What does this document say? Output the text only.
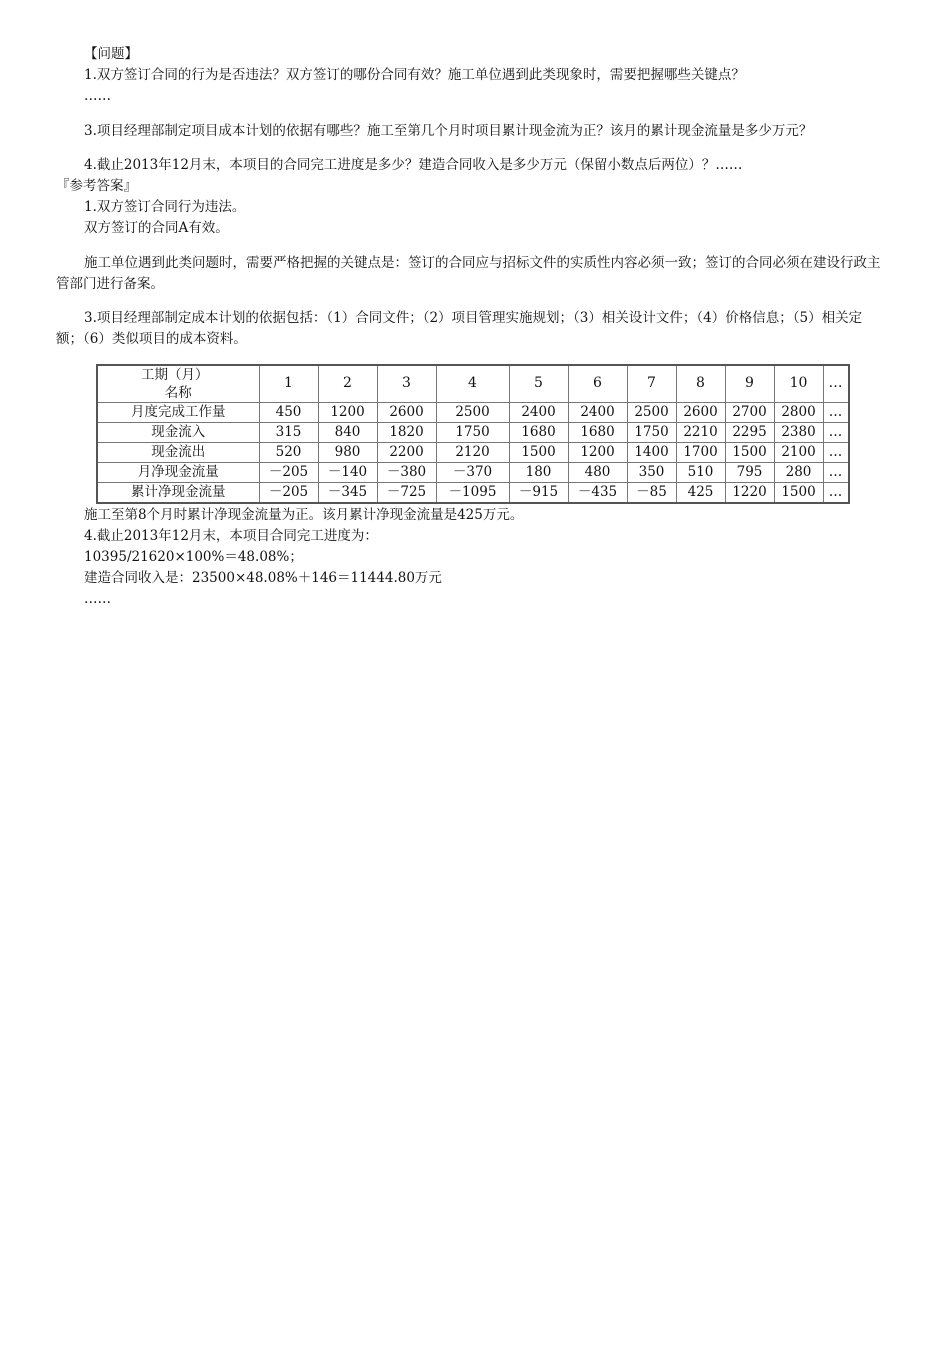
【问题】

1.双方签订合同的行为是否违法？双方签订的哪份合同有效？施工单位遇到此类现象时，需要把握哪些关键点？

……

3.项目经理部制定项目成本计划的依据有哪些？施工至第几个月时项目累计现金流为正？该月的累计现金流量是多少万元？

4.截止2013年12月末，本项目的合同完工进度是多少？建造合同收入是多少万元（保留小数点后两位）？……

『参考答案』

1.双方签订合同行为违法。

双方签订的合同A有效。

施工单位遇到此类问题时，需要严格把握的关键点是：签订的合同应与招标文件的实质性内容必须一致；签订的合同必须在建设行政主管部门进行备案。

3.项目经理部制定成本计划的依据包括：（1）合同文件；（2）项目管理实施规划；（3）相关设计文件；（4）价格信息；（5）相关定额；（6）类似项目的成本资料。

工期（月）	1	2	3	4	5	6	7	8	9	10	…
名称											
月度完成工作量	450	1200	2600	2500	2400	2400	2500	2600	2700	2800	…
现金流入	315	840	1820	1750	1680	1680	1750	2210	2295	2380	…
现金流出	520	980	2200	2120	1500	1200	1400	1700	1500	2100	…
月净现金流量	－205	－140	－380	－370	180	480	350	510	795	280	…
累计净现金流量	－205	－345	－725	－1095	－915	－435	－85	425	1220	1500	…

施工至第8个月时累计净现金流量为正。该月累计净现金流量是425万元。

4.截止2013年12月末，本项目合同完工进度为：

10395/21620×100%＝48.08%；

建造合同收入是：23500×48.08%＋146＝11444.80万元

……
